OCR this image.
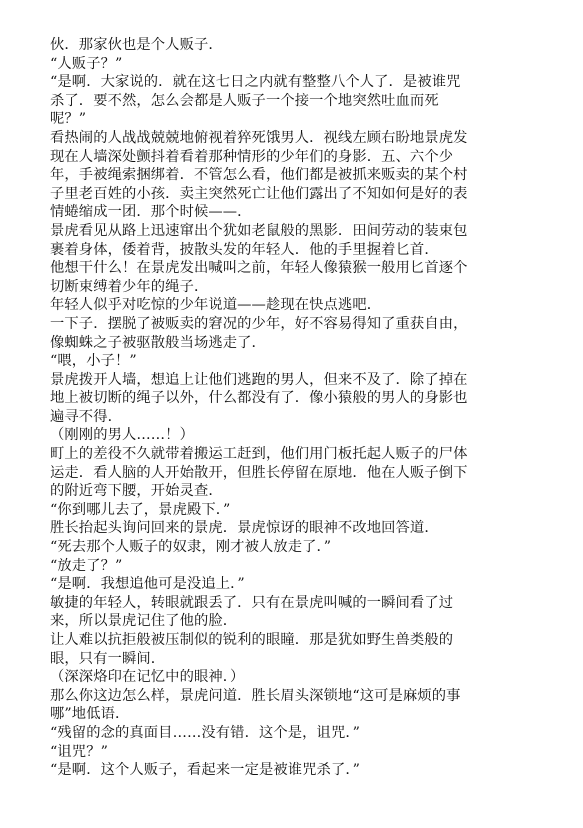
伙．那家伙也是个人贩子．
“人贩子？”
“是啊．大家说的．就在这七日之内就有整整八个人了．是被谁咒
杀了．要不然，怎么会都是人贩子一个接一个地突然吐血而死
呢？”
看热闹的人战战兢兢地俯视着猝死饿男人．视线左顾右盼地景虎发
现在人墙深处颤抖着看着那种情形的少年们的身影．五、六个少
年，手被绳索捆绑着．不管怎么看，他们都是被抓来贩卖的某个村
子里老百姓的小孩．卖主突然死亡让他们露出了不知如何是好的表
情蜷缩成一团．那个时候——．
景虎看见从路上迅速窜出个犹如老鼠般的黑影．田间劳动的装束包
裹着身体，倭着背，披散头发的年轻人．他的手里握着匕首．
他想干什么！在景虎发出喊叫之前，年轻人像猿猴一般用匕首逐个
切断束缚着少年的绳子．
年轻人似乎对吃惊的少年说道——趁现在快点逃吧．
一下子．摆脱了被贩卖的窘况的少年，好不容易得知了重获自由，
像蜘蛛之子被驱散般当场逃走了．
“喂，小子！”
景虎拨开人墙，想追上让他们逃跑的男人，但来不及了．除了掉在
地上被切断的绳子以外，什么都没有了．像小猿般的男人的身影也
遍寻不得．
（刚刚的男人……！）
町上的差役不久就带着搬运工赶到，他们用门板托起人贩子的尸体
运走．看人脑的人开始散开，但胜长停留在原地．他在人贩子倒下
的附近弯下腰，开始灵查．
“你到哪儿去了，景虎殿下．”
胜长抬起头询问回来的景虎．景虎惊讶的眼神不改地回答道．
“死去那个人贩子的奴隶，刚才被人放走了．”
“放走了？”
“是啊．我想追他可是没追上．”
敏捷的年轻人，转眼就跟丢了．只有在景虎叫喊的一瞬间看了过
来，所以景虎记住了他的脸．
让人难以抗拒般被压制似的锐利的眼瞳．那是犹如野生兽类般的
眼，只有一瞬间．
（深深烙印在记忆中的眼神．）
那么你这边怎么样，景虎问道．胜长眉头深锁地“这可是麻烦的事
哪”地低语．
“残留的念的真面目……没有错．这个是，诅咒．”
“诅咒？”
“是啊．这个人贩子，看起来一定是被谁咒杀了．”
